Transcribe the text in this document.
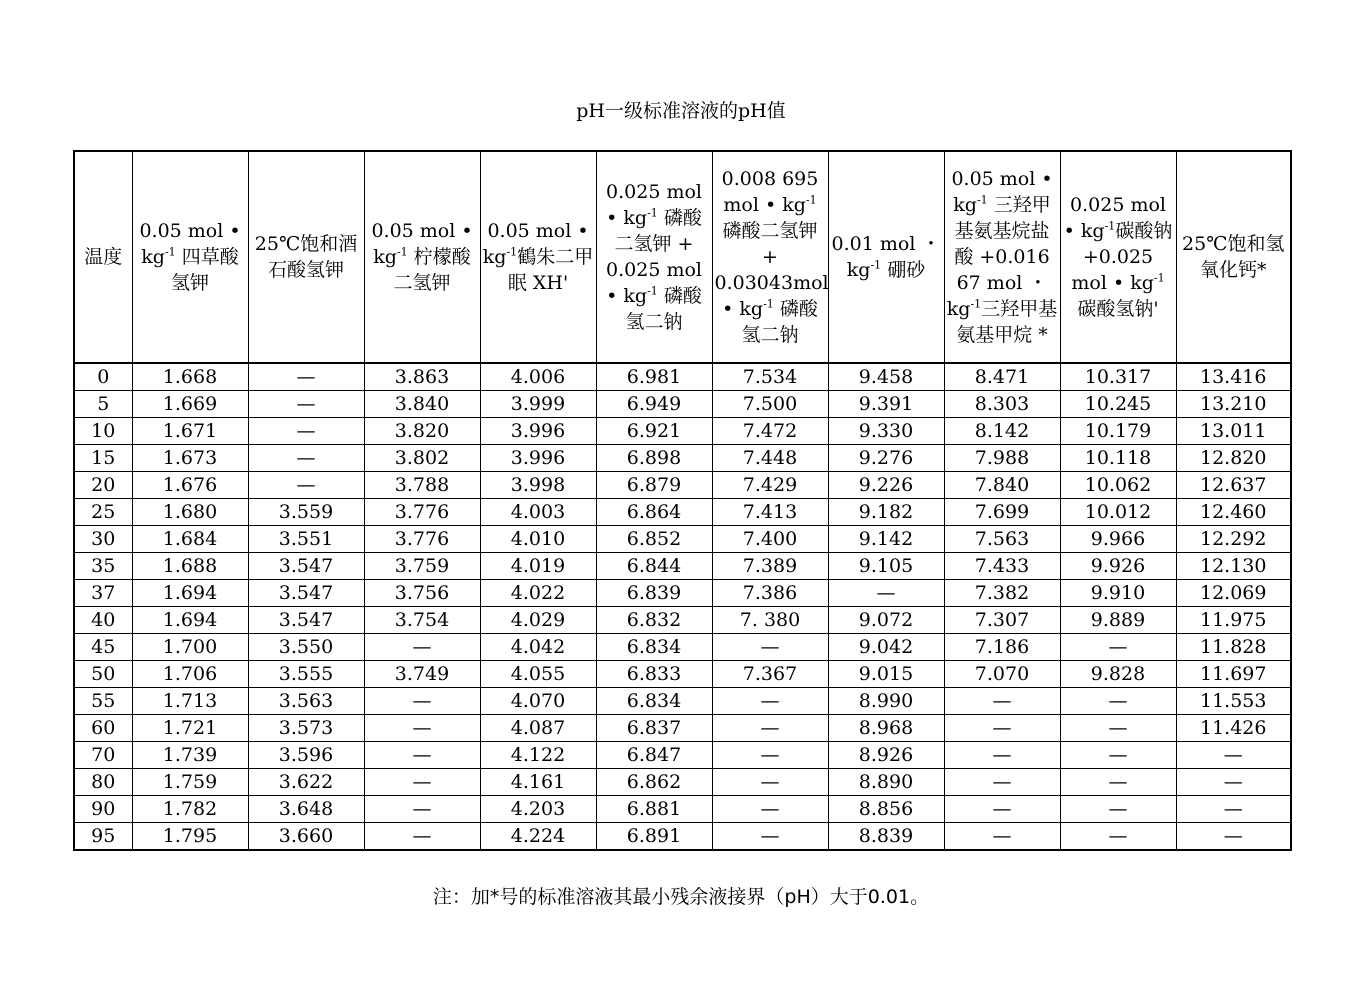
pH一级标准溶液的pH值
温度	0.05 mol • $kg^{-1}$ 四草酸氢钾	25℃饱和酒石酸氢钾	0.05 mol • $kg^{-1}$ 柠檬酸二氢钾	0.05 mol • $kg^{-1}$鶴朱二甲眠 XH'	0.025 mol • $kg^{-1}$ 磷酸二氢钾 + 0.025 mol • $kg^{-1}$ 磷酸氢二钠	0.008 695 mol • $kg^{-1}$ 磷酸二氢钾 + 0.03043mol • $kg^{-1}$ 磷酸氢二钠	0.01 mol ・ $kg^{-1}$ 硼砂	0.05 mol • $kg^{-1}$ 三羟甲基氨基烷盐酸 +0.016 67 mol ・ $kg^{-1}$三羟甲基氨基甲烷 *	0.025 mol • $kg^{-1}$碳酸钠 +0.025 mol • $kg^{-1}$碳酸氢钠'	25℃饱和氢氧化钙*
0	1.668	—	3.863	4.006	6.981	7.534	9.458	8.471	10.317	13.416
5	1.669	—	3.840	3.999	6.949	7.500	9.391	8.303	10.245	13.210
10	1.671	—	3.820	3.996	6.921	7.472	9.330	8.142	10.179	13.011
15	1.673	—	3.802	3.996	6.898	7.448	9.276	7.988	10.118	12.820
20	1.676	—	3.788	3.998	6.879	7.429	9.226	7.840	10.062	12.637
25	1.680	3.559	3.776	4.003	6.864	7.413	9.182	7.699	10.012	12.460
30	1.684	3.551	3.776	4.010	6.852	7.400	9.142	7.563	9.966	12.292
35	1.688	3.547	3.759	4.019	6.844	7.389	9.105	7.433	9.926	12.130
37	1.694	3.547	3.756	4.022	6.839	7.386	—	7.382	9.910	12.069
40	1.694	3.547	3.754	4.029	6.832	7. 380	9.072	7.307	9.889	11.975
45	1.700	3.550	—	4.042	6.834	—	9.042	7.186	—	11.828
50	1.706	3.555	3.749	4.055	6.833	7.367	9.015	7.070	9.828	11.697
55	1.713	3.563	—	4.070	6.834	—	8.990	—	—	11.553
60	1.721	3.573	—	4.087	6.837	—	8.968	—	—	11.426
70	1.739	3.596	—	4.122	6.847	—	8.926	—	—	—
80	1.759	3.622	—	4.161	6.862	—	8.890	—	—	—
90	1.782	3.648	—	4.203	6.881	—	8.856	—	—	—
95	1.795	3.660	—	4.224	6.891	—	8.839	—	—	—
注：加*号的标准溶液其最小残余液接界（pH）大于0.01。
